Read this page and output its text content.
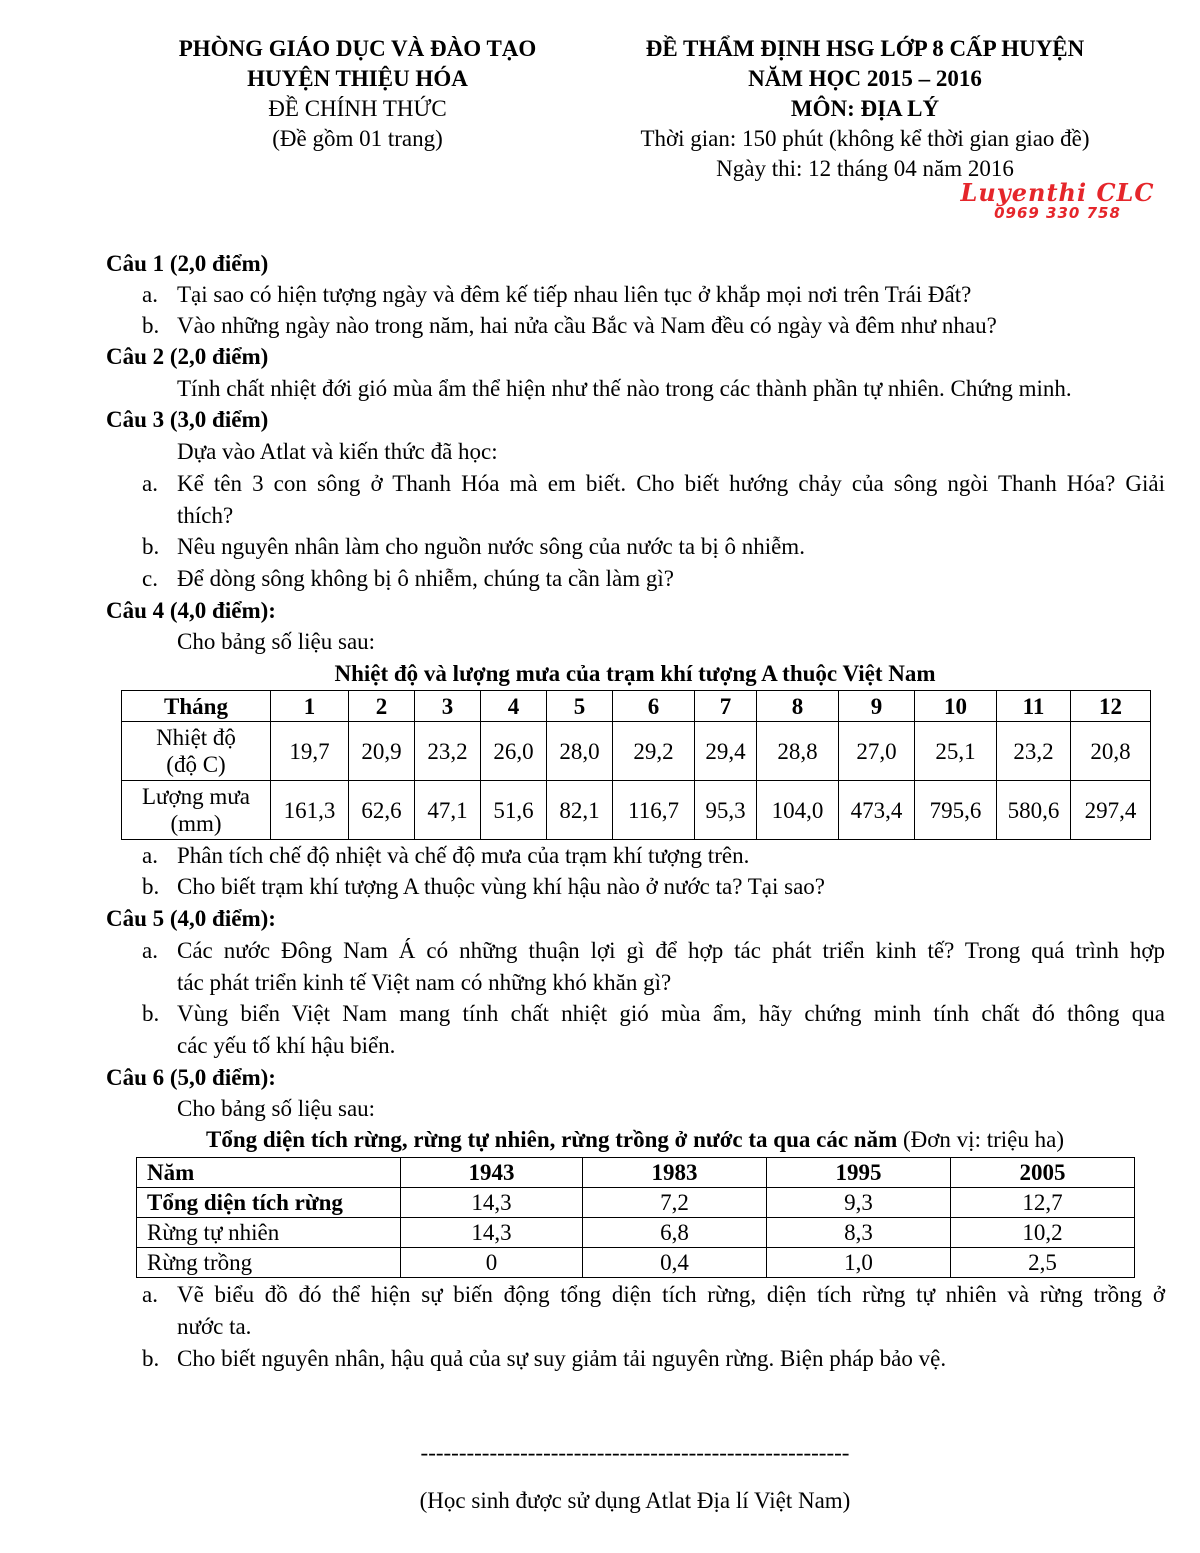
PHÒNG GIÁO DỤC VÀ ĐÀO TẠO
HUYỆN THIỆU HÓA
ĐỀ CHÍNH THỨC
(Đề gồm 01 trang)
ĐỀ THẨM ĐỊNH HSG LỚP 8 CẤP HUYỆN
NĂM HỌC 2015 – 2016
MÔN: ĐỊA LÝ
Thời gian: 150 phút (không kể thời gian giao đề)
Ngày thi: 12 tháng 04 năm 2016
Luyenthi CLC
0969 330 758
Câu 1 (2,0 điểm)
a. Tại sao có hiện tượng ngày và đêm kế tiếp nhau liên tục ở khắp mọi nơi trên Trái Đất?
b. Vào những ngày nào trong năm, hai nửa cầu Bắc và Nam đều có ngày và đêm như nhau?
Câu 2 (2,0 điểm)
Tính chất nhiệt đới gió mùa ẩm thể hiện như thế nào trong các thành phần tự nhiên. Chứng minh.
Câu 3 (3,0 điểm)
Dựa vào Atlat và kiến thức đã học:
a. Kể tên 3 con sông ở Thanh Hóa mà em biết. Cho biết hướng chảy của sông ngòi Thanh Hóa? Giải
thích?
b. Nêu nguyên nhân làm cho nguồn nước sông của nước ta bị ô nhiễm.
c. Để dòng sông không bị ô nhiễm, chúng ta cần làm gì?
Câu 4 (4,0 điểm):
Cho bảng số liệu sau:
Nhiệt độ và lượng mưa của trạm khí tượng A thuộc Việt Nam
Tháng	1	2	3	4	5	6	7	8	9	10	11	12
Nhiệt độ
(độ C)	19,7	20,9	23,2	26,0	28,0	29,2	29,4	28,8	27,0	25,1	23,2	20,8
Lượng mưa
(mm)	161,3	62,6	47,1	51,6	82,1	116,7	95,3	104,0	473,4	795,6	580,6	297,4
a. Phân tích chế độ nhiệt và chế độ mưa của trạm khí tượng trên.
b. Cho biết trạm khí tượng A thuộc vùng khí hậu nào ở nước ta? Tại sao?
Câu 5 (4,0 điểm):
a. Các nước Đông Nam Á có những thuận lợi gì để hợp tác phát triển kinh tế? Trong quá trình hợp
tác phát triển kinh tế Việt nam có những khó khăn gì?
b. Vùng biển Việt Nam mang tính chất nhiệt gió mùa ẩm, hãy chứng minh tính chất đó thông qua
các yếu tố khí hậu biển.
Câu 6 (5,0 điểm):
Cho bảng số liệu sau:
Tổng diện tích rừng, rừng tự nhiên, rừng trồng ở nước ta qua các năm (Đơn vị: triệu ha)
Năm	1943	1983	1995	2005
Tổng diện tích rừng	14,3	7,2	9,3	12,7
Rừng tự nhiên	14,3	6,8	8,3	10,2
Rừng trồng	0	0,4	1,0	2,5
a. Vẽ biểu đồ đó thể hiện sự biến động tổng diện tích rừng, diện tích rừng tự nhiên và rừng trồng ở
nước ta.
b. Cho biết nguyên nhân, hậu quả của sự suy giảm tải nguyên rừng. Biện pháp bảo vệ.
--------------------------------------------------------
(Học sinh được sử dụng Atlat Địa lí Việt Nam)
